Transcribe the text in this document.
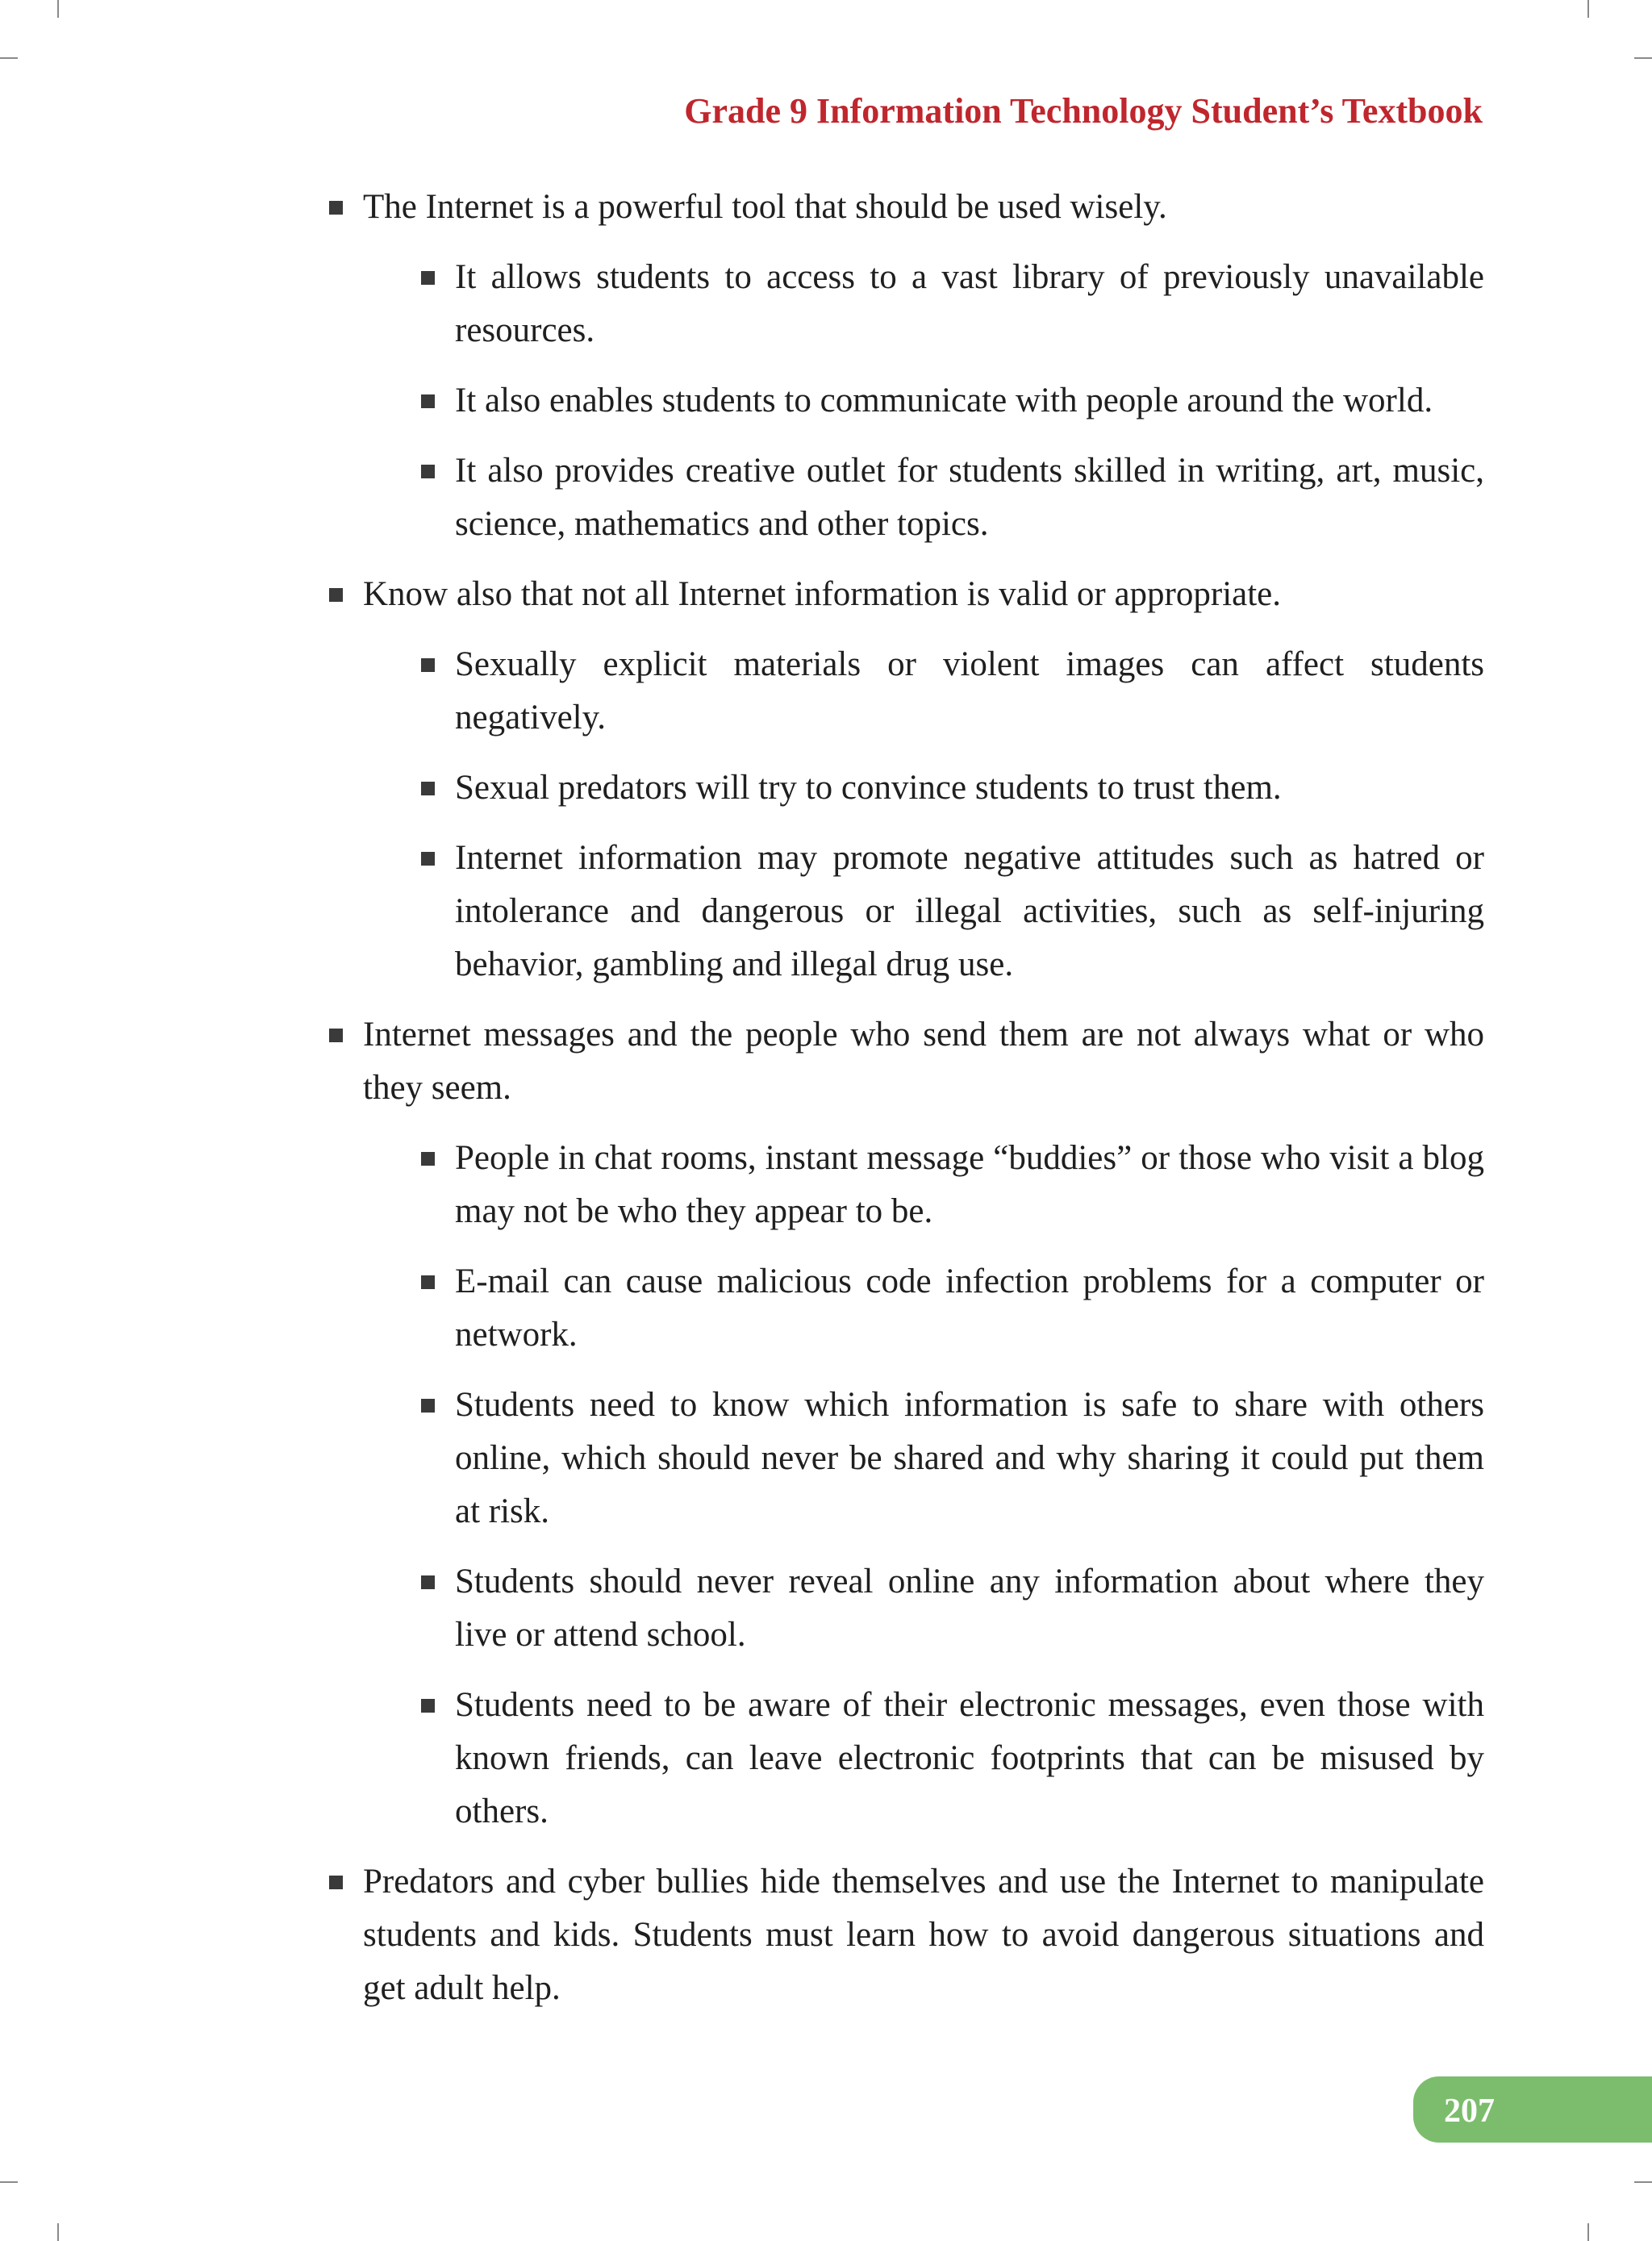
Grade 9 Information Technology Student’s Textbook
The Internet is a powerful tool that should be used wisely.
It allows students to access to a vast library of previously unavailable resources.
It also enables students to communicate with people around the world.
It also provides creative outlet for students skilled in writing, art, music, science, mathematics and other topics.
Know also that not all Internet information is valid or appropriate.
Sexually explicit materials or violent images can affect students negatively.
Sexual predators will try to convince students to trust them.
Internet information may promote negative attitudes such as hatred or intolerance and dangerous or illegal activities, such as self-injuring behavior, gambling and illegal drug use.
Internet messages and the people who send them are not always what or who they seem.
People in chat rooms, instant message “buddies” or those who visit a blog may not be who they appear to be.
E-mail can cause malicious code infection problems for a computer or network.
Students need to know which information is safe to share with others online, which should never be shared and why sharing it could put them at risk.
Students should never reveal online any information about where they live or attend school.
Students need to be aware of their electronic messages, even those with known friends, can leave electronic footprints that can be misused by others.
Predators and cyber bullies hide themselves and use the Internet to manipulate students and kids. Students must learn how to avoid dangerous situations and get adult help.
207
